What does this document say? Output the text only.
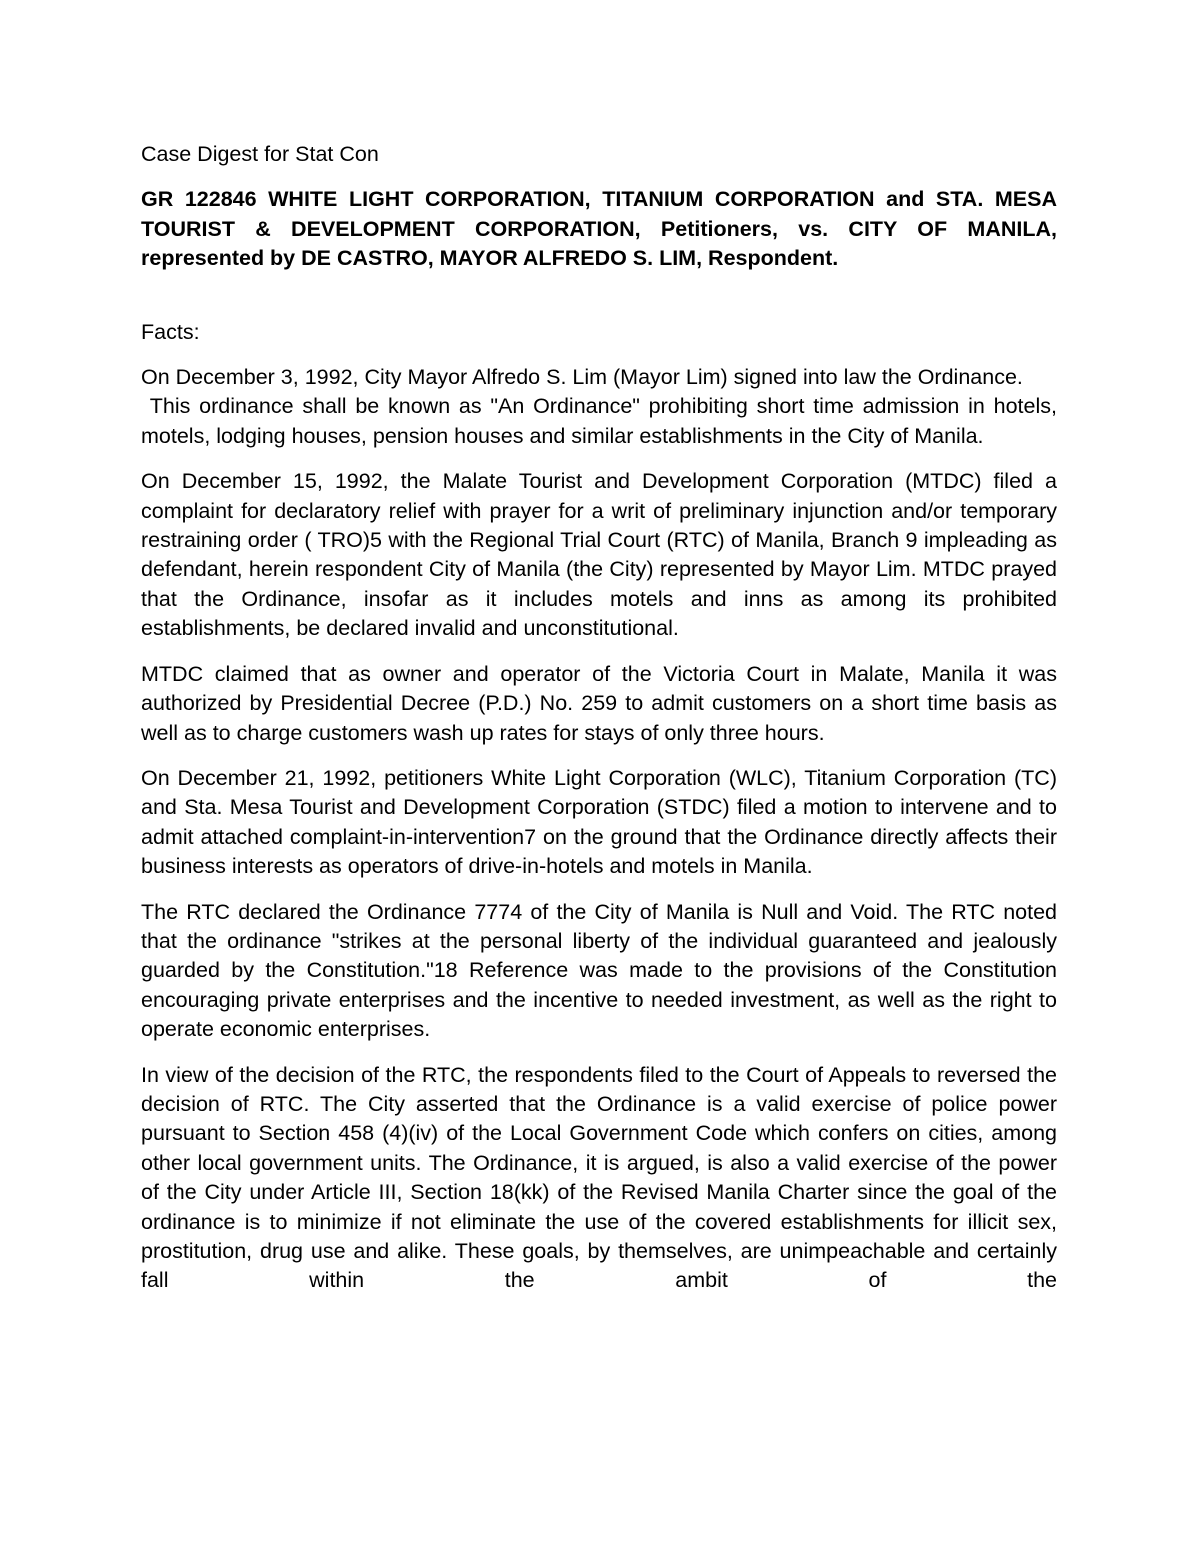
Case Digest for Stat Con

GR 122846 WHITE LIGHT CORPORATION, TITANIUM CORPORATION and STA. MESA TOURIST & DEVELOPMENT CORPORATION, Petitioners, vs. CITY OF MANILA, represented by DE CASTRO, MAYOR ALFREDO S. LIM, Respondent.

Facts:

On December 3, 1992, City Mayor Alfredo S. Lim (Mayor Lim) signed into law the Ordinance.

This ordinance shall be known as "An Ordinance" prohibiting short time admission in hotels, motels, lodging houses, pension houses and similar establishments in the City of Manila.

On December 15, 1992, the Malate Tourist and Development Corporation (MTDC) filed a complaint for declaratory relief with prayer for a writ of preliminary injunction and/or temporary restraining order ( TRO)5 with the Regional Trial Court (RTC) of Manila, Branch 9 impleading as defendant, herein respondent City of Manila (the City) represented by Mayor Lim. MTDC prayed that the Ordinance, insofar as it includes motels and inns as among its prohibited establishments, be declared invalid and unconstitutional.

MTDC claimed that as owner and operator of the Victoria Court in Malate, Manila it was authorized by Presidential Decree (P.D.) No. 259 to admit customers on a short time basis as well as to charge customers wash up rates for stays of only three hours.

On December 21, 1992, petitioners White Light Corporation (WLC), Titanium Corporation (TC) and Sta. Mesa Tourist and Development Corporation (STDC) filed a motion to intervene and to admit attached complaint-in-intervention7 on the ground that the Ordinance directly affects their business interests as operators of drive-in-hotels and motels in Manila.

The RTC declared the Ordinance 7774 of the City of Manila is Null and Void. The RTC noted that the ordinance "strikes at the personal liberty of the individual guaranteed and jealously guarded by the Constitution."18 Reference was made to the provisions of the Constitution encouraging private enterprises and the incentive to needed investment, as well as the right to operate economic enterprises.

In view of the decision of the RTC, the respondents filed to the Court of Appeals to reversed the decision of RTC. The City asserted that the Ordinance is a valid exercise of police power pursuant to Section 458 (4)(iv) of the Local Government Code which confers on cities, among other local government units. The Ordinance, it is argued, is also a valid exercise of the power of the City under Article III, Section 18(kk) of the Revised Manila Charter since the goal of the ordinance is to minimize if not eliminate the use of the covered establishments for illicit sex, prostitution, drug use and alike. These goals, by themselves, are unimpeachable and certainly fall within the ambit of the
